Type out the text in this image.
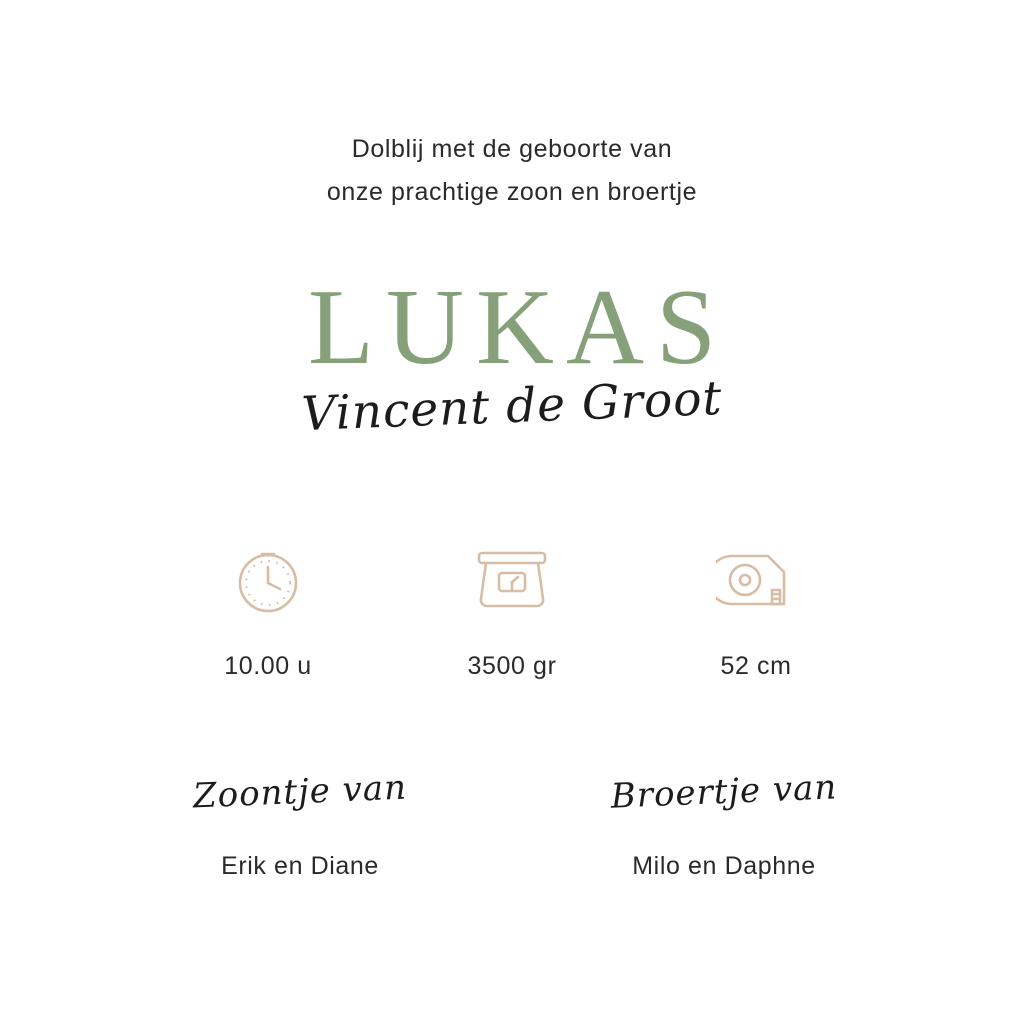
Dolblij met de geboorte van
onze prachtige zoon en broertje
LUKAS
Vincent de Groot
10.00 u	3500 gr	52 cm
Zoontje van
Erik en Diane
Broertje van
Milo en Daphne
